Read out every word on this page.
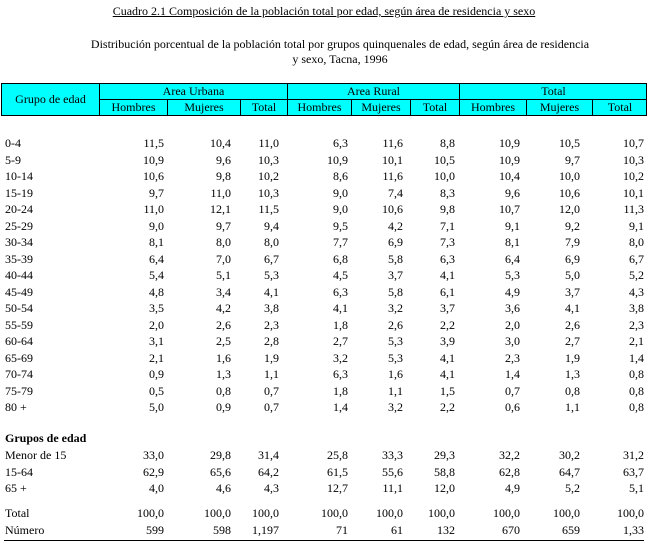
Cuadro 2.1 Composición de la población total por edad, según área de residencia y sexo
Distribución porcentual de la población total por grupos quinquenales de edad, según área de residencia
y sexo, Tacna, 1996
Grupo de edad
Area Urbana	Area Rural	Total
Hombres	Mujeres	Total	Hombres	Mujeres	Total	Hombres	Mujeres	Total
0-4	11,5	10,4	11,0	6,3	11,6	8,8	10,9	10,5	10,7
5-9	10,9	9,6	10,3	10,9	10,1	10,5	10,9	9,7	10,3
10-14	10,6	9,8	10,2	8,6	11,6	10,0	10,4	10,0	10,2
15-19	9,7	11,0	10,3	9,0	7,4	8,3	9,6	10,6	10,1
20-24	11,0	12,1	11,5	9,0	10,6	9,8	10,7	12,0	11,3
25-29	9,0	9,7	9,4	9,5	4,2	7,1	9,1	9,2	9,1
30-34	8,1	8,0	8,0	7,7	6,9	7,3	8,1	7,9	8,0
35-39	6,4	7,0	6,7	6,8	5,8	6,3	6,4	6,9	6,7
40-44	5,4	5,1	5,3	4,5	3,7	4,1	5,3	5,0	5,2
45-49	4,8	3,4	4,1	6,3	5,8	6,1	4,9	3,7	4,3
50-54	3,5	4,2	3,8	4,1	3,2	3,7	3,6	4,1	3,8
55-59	2,0	2,6	2,3	1,8	2,6	2,2	2,0	2,6	2,3
60-64	3,1	2,5	2,8	2,7	5,3	3,9	3,0	2,7	2,1
65-69	2,1	1,6	1,9	3,2	5,3	4,1	2,3	1,9	1,4
70-74	0,9	1,3	1,1	6,3	1,6	4,1	1,4	1,3	0,8
75-79	0,5	0,8	0,7	1,8	1,1	1,5	0,7	0,8	0,8
80 +	5,0	0,9	0,7	1,4	3,2	2,2	0,6	1,1	0,8
Grupos de edad
Menor de 15	33,0	29,8	31,4	25,8	33,3	29,3	32,2	30,2	31,2
15-64	62,9	65,6	64,2	61,5	55,6	58,8	62,8	64,7	63,7
65 +	4,0	4,6	4,3	12,7	11,1	12,0	4,9	5,2	5,1
Total	100,0	100,0	100,0	100,0	100,0	100,0	100,0	100,0	100,0
Número	599	598	1,197	71	61	132	670	659	1,33
